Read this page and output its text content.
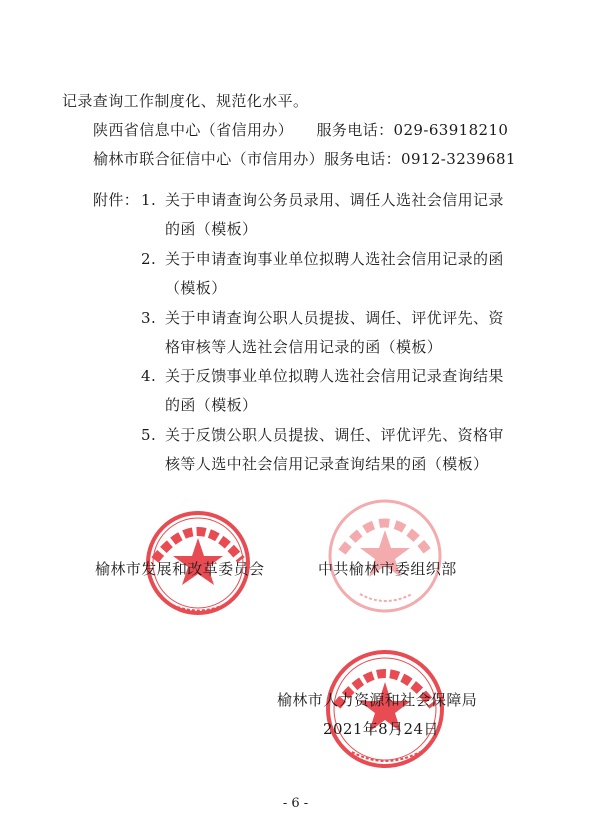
记录查询工作制度化、规范化水平。
陕西省信息中心（省信用办）　　 服务电话：029-63918210
榆林市联合征信中心（市信用办）服务电话：0912-3239681
附件： 1. 关于申请查询公务员录用、调任人选社会信用记录
的函（模板）
2. 关于申请查询事业单位拟聘人选社会信用记录的函
（模板）
3. 关于申请查询公职人员提拔、调任、评优评先、资
格审核等人选社会信用记录的函（模板）
4. 关于反馈事业单位拟聘人选社会信用记录查询结果
的函（模板）
5. 关于反馈公职人员提拔、调任、评优评先、资格审
核等人选中社会信用记录查询结果的函（模板）
榆林市发展和改革委员会	中共榆林市委组织部
榆林市人力资源和社会保障局
2021年8月24日
- 6 -
